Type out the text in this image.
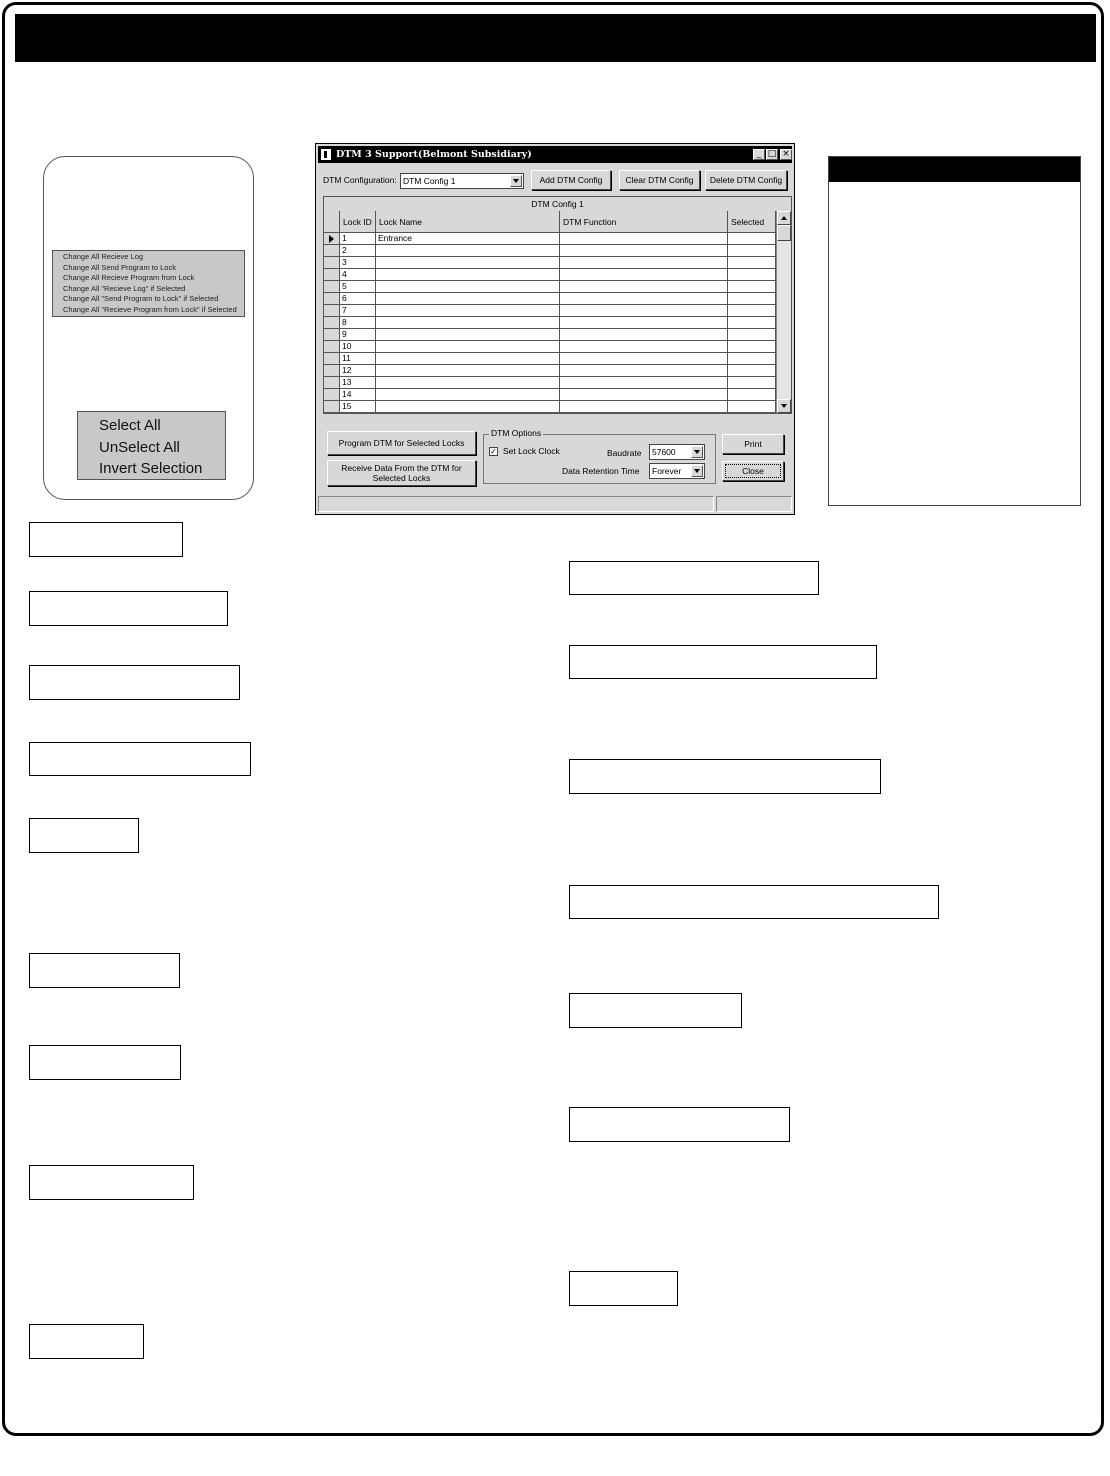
Change All Recieve Log
Change All Send Program to Lock
Change All Recieve Program from Lock
Change All "Recieve Log" if Selected
Change All "Send Program to Lock" if Selected
Change All "Recieve Program from Lock" if Selected
Select All
UnSelect All
Invert Selection
DTM 3 Support(Belmont Subsidiary)	_ □ ×
DTM Configuration: DTM Config 1	Add DTM Config	Clear DTM Config	Delete DTM Config
DTM Config 1
Lock ID Lock Name	DTM Function	Selected
1	Entrance
2
3
4
5
6
7
8
9
10
11
12
13
14
15
Program DTM for Selected Locks
Receive Data From the DTM for Selected Locks
DTM Options
✓ Set Lock Clock	Baudrate	57600
Data Retention Time	Forever
Print
Close
